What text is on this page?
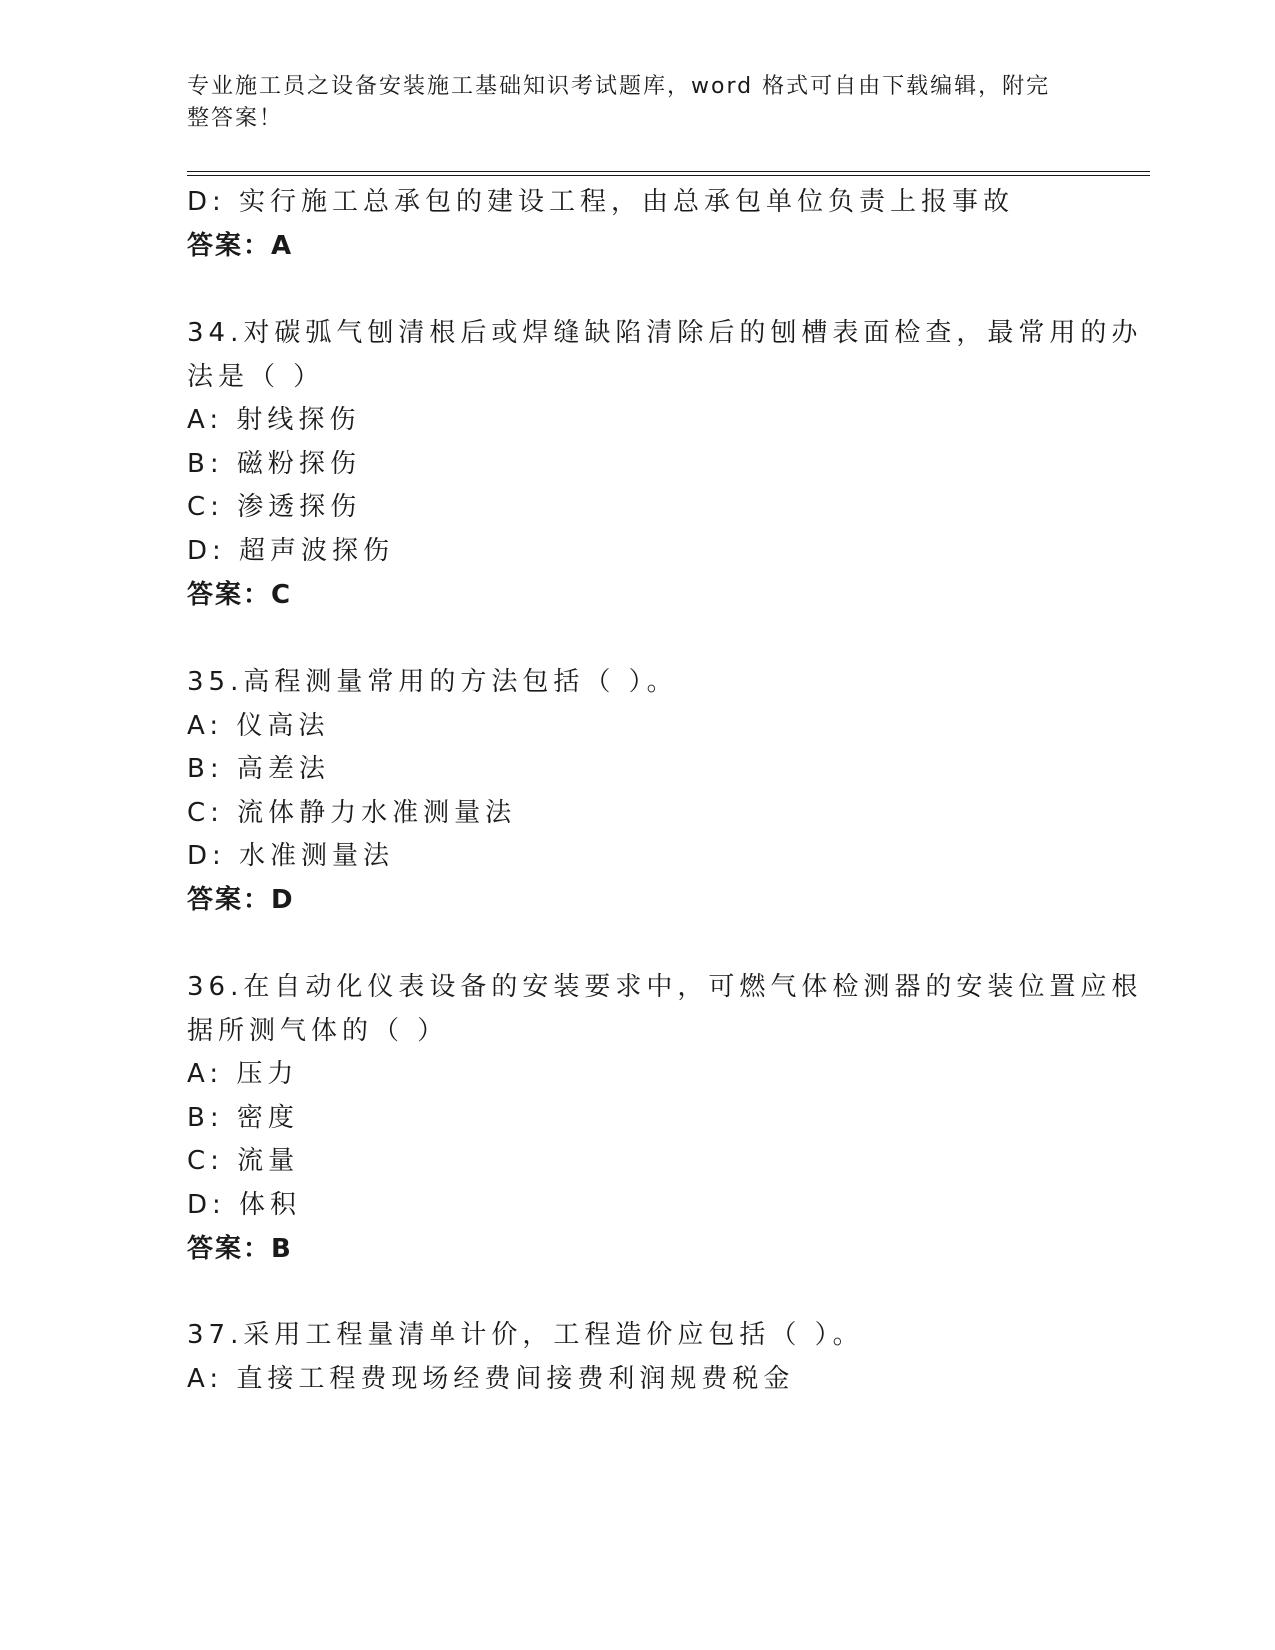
专业施工员之设备安装施工基础知识考试题库，word 格式可自由下载编辑，附完
整答案！
D: 实行施工总承包的建设工程，由总承包单位负责上报事故
答案：A
34.对碳弧气刨清根后或焊缝缺陷清除后的刨槽表面检查，最常用的办
法是（ ）
A: 射线探伤
B: 磁粉探伤
C: 渗透探伤
D: 超声波探伤
答案：C
35.高程测量常用的方法包括（ ）。
A: 仪高法
B: 高差法
C: 流体静力水准测量法
D: 水准测量法
答案：D
36.在自动化仪表设备的安装要求中，可燃气体检测器的安装位置应根
据所测气体的（ ）
A: 压力
B: 密度
C: 流量
D: 体积
答案：B
37.采用工程量清单计价，工程造价应包括（ ）。
A: 直接工程费现场经费间接费利润规费税金
